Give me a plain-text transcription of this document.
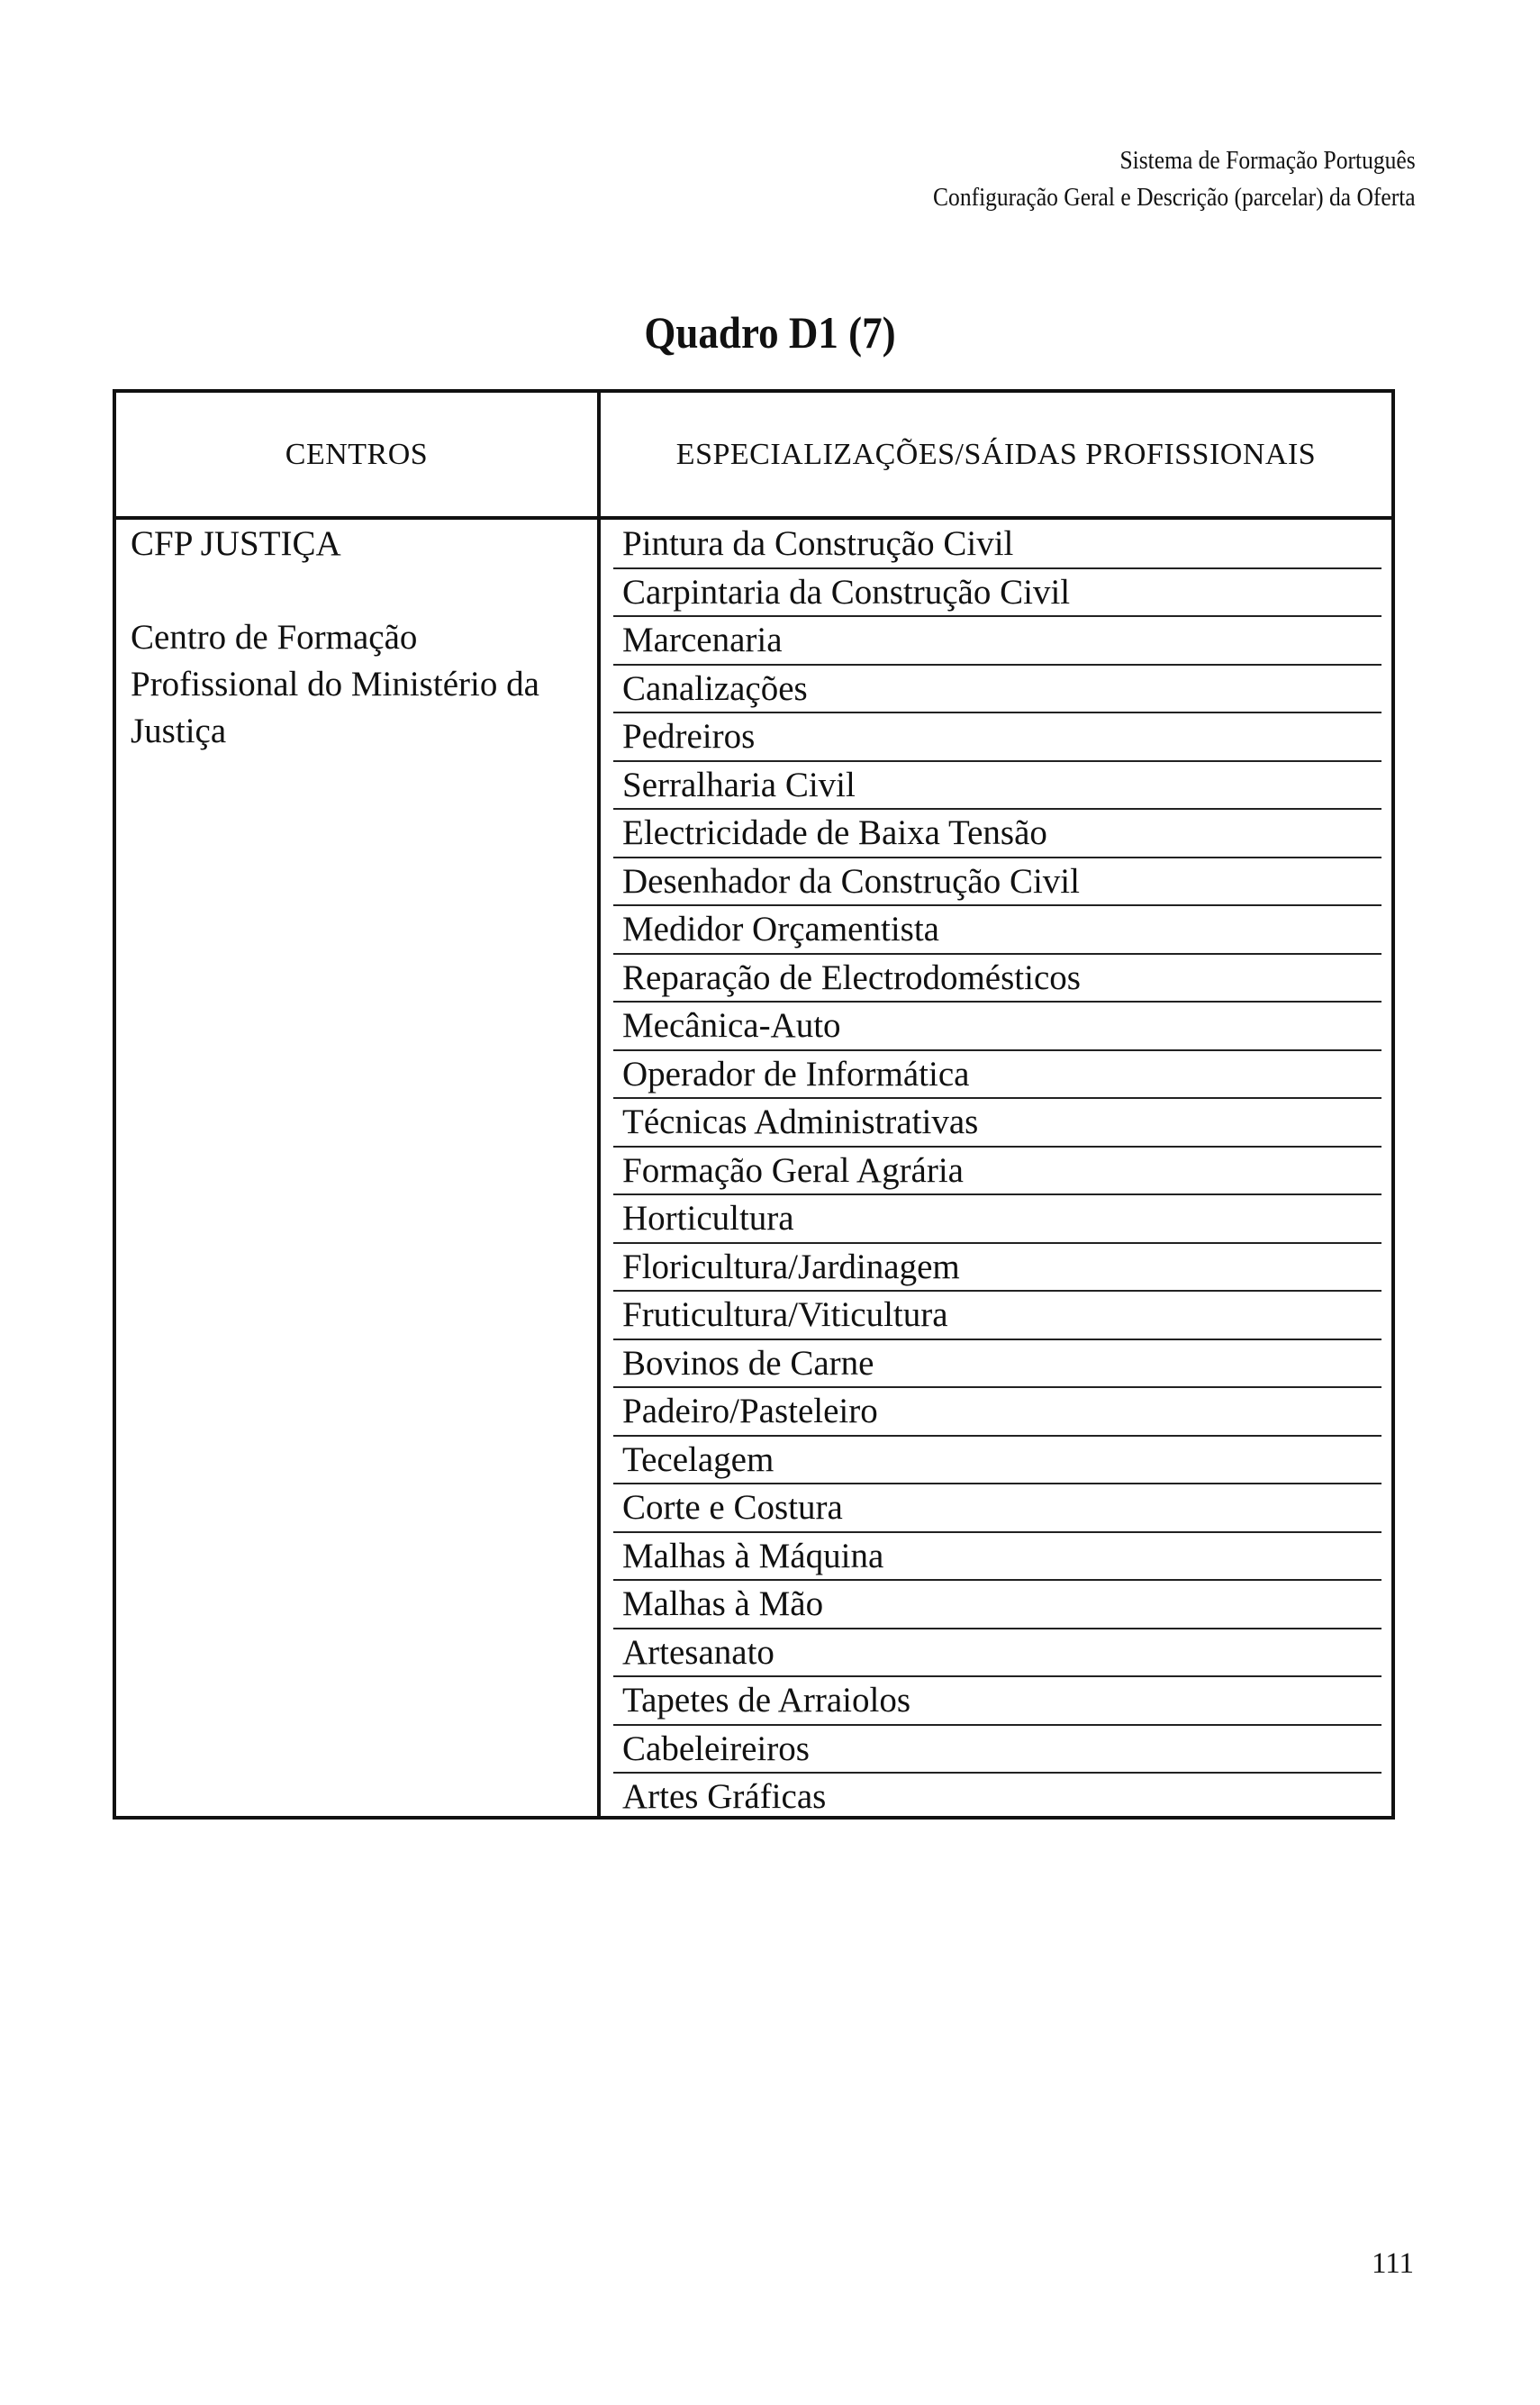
Sistema de Formação Português
Configuração Geral e Descrição (parcelar) da Oferta
Quadro D1 (7)
CENTROS	ESPECIALIZAÇÕES/SÁIDAS PROFISSIONAIS

CFP JUSTIÇA

Centro de Formação

Profissional do Ministério da

Justiça

Pintura da Construção Civil
Carpintaria da Construção Civil
Marcenaria
Canalizações
Pedreiros
Serralharia Civil
Electricidade de Baixa Tensão
Desenhador da Construção Civil
Medidor Orçamentista
Reparação de Electrodomésticos
Mecânica-Auto
Operador de Informática
Técnicas Administrativas
Formação Geral Agrária
Horticultura
Floricultura/Jardinagem
Fruticultura/Viticultura
Bovinos de Carne
Padeiro/Pasteleiro
Tecelagem
Corte e Costura
Malhas à Máquina
Malhas à Mão
Artesanato
Tapetes de Arraiolos
Cabeleireiros
Artes Gráficas
111
